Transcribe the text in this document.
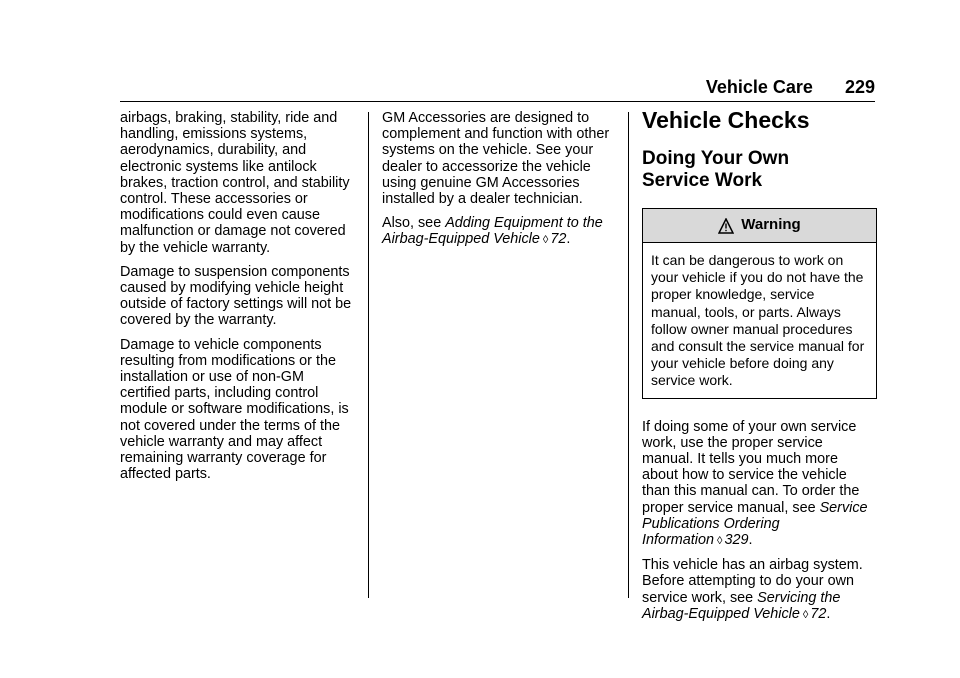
Vehicle Care 229

airbags, braking, stability, ride and handling, emissions systems, aerodynamics, durability, and electronic systems like antilock brakes, traction control, and stability control. These accessories or modifications could even cause malfunction or damage not covered by the vehicle warranty.

Damage to suspension components caused by modifying vehicle height outside of factory settings will not be covered by the warranty.

Damage to vehicle components resulting from modifications or the installation or use of non-GM certified parts, including control module or software modifications, is not covered under the terms of the vehicle warranty and may affect remaining warranty coverage for affected parts.

GM Accessories are designed to complement and function with other systems on the vehicle. See your dealer to accessorize the vehicle using genuine GM Accessories installed by a dealer technician.

Also, see Adding Equipment to the Airbag-Equipped Vehicle ◊ 72.

Vehicle Checks
Doing Your Own
Service Work
Warning
It can be dangerous to work on your vehicle if you do not have the proper knowledge, service manual, tools, or parts. Always follow owner manual procedures and consult the service manual for your vehicle before doing any service work.

If doing some of your own service work, use the proper service manual. It tells you much more about how to service the vehicle than this manual can. To order the proper service manual, see Service Publications Ordering Information ◊ 329.

This vehicle has an airbag system. Before attempting to do your own service work, see Servicing the Airbag-Equipped Vehicle ◊ 72.
